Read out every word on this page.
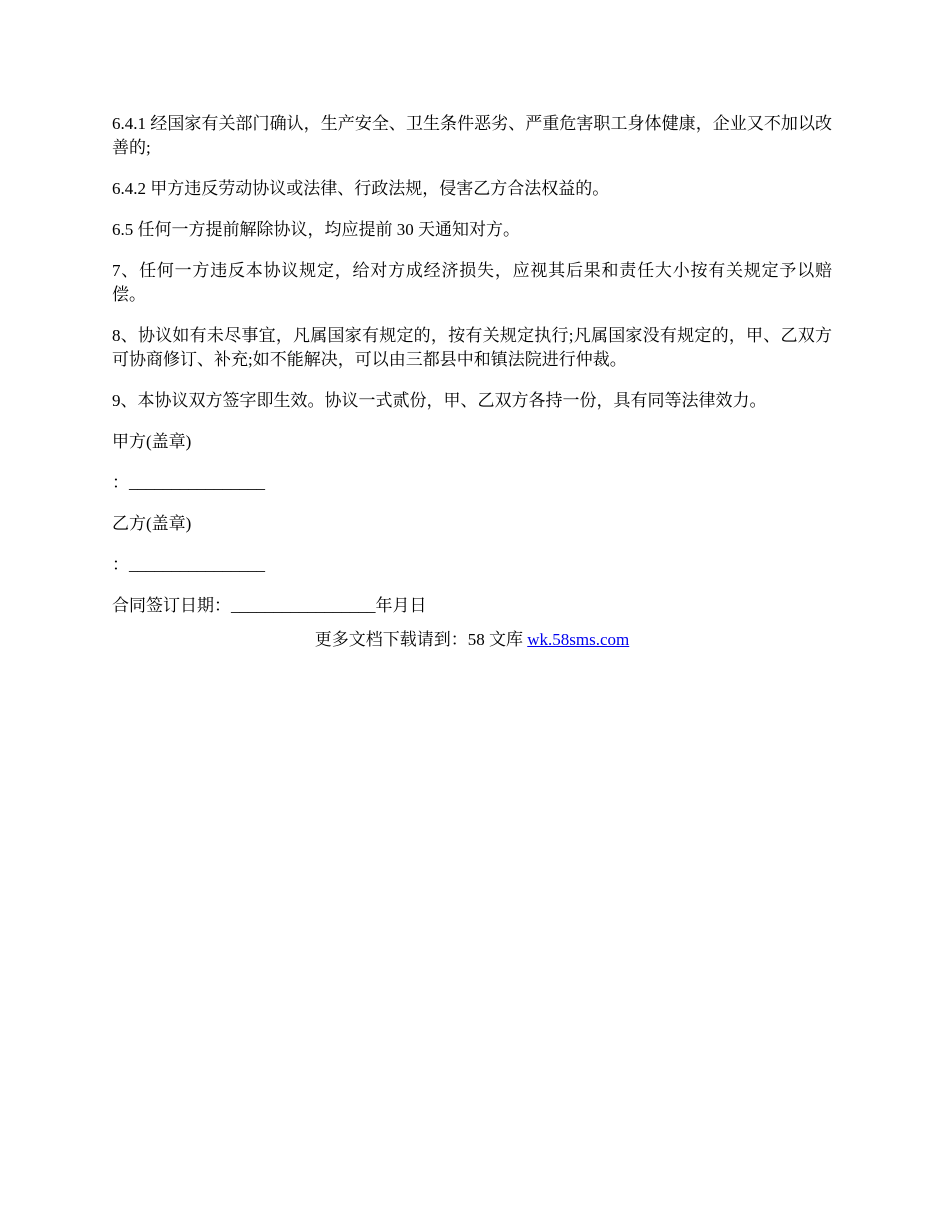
6.4.1 经国家有关部门确认，生产安全、卫生条件恶劣、严重危害职工身体健康，企业又不加以改善的;

6.4.2 甲方违反劳动协议或法律、行政法规，侵害乙方合法权益的。

6.5 任何一方提前解除协议，均应提前 30 天通知对方。

7、任何一方违反本协议规定，给对方成经济损失，应视其后果和责任大小按有关规定予以赔偿。

8、协议如有未尽事宜，凡属国家有规定的，按有关规定执行;凡属国家没有规定的，甲、乙双方可协商修订、补充;如不能解决，可以由三都县中和镇法院进行仲裁。

9、本协议双方签字即生效。协议一式贰份，甲、乙双方各持一份，具有同等法律效力。

甲方(盖章)

：________________

乙方(盖章)

：________________

合同签订日期：_________________年月日

更多文档下载请到：58 文库 wk.58sms.com
